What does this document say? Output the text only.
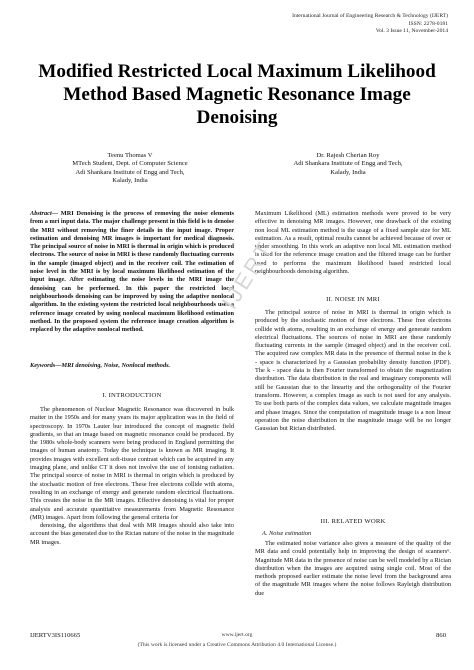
International Journal of Engineering Research & Technology (IJERT)
ISSN: 2278-0181
Vol. 3 Issue 11, November-2014
Modified Restricted Local Maximum Likelihood Method Based Magnetic Resonance Image Denoising
Teenu Thomas V
MTech Student, Dept. of Computer Science
Adi Shankara Institute of Engg and Tech,
Kalady, India
Dr. Rajesh Cherian Roy
Adi Shankara Institute of Engg and Tech,
Kalady, India
Abstract— MRI Denoising is the process of removing the noise elements from a mri input data. The major challenge present in this field is to denoise the MRI without removing the finer details in the input image. Proper estimation and denoising MR images is important for medical diagnosis. The principal source of noise in MRI is thermal in origin which is produced electrons. The source of noise in MRI is these randomly fluctuating currents in the sample (imaged object) and in the receiver coil. The estimation of noise level in the MRI is by local maximum likelihood estimation of the input image. After estimating the noise levels in the MRI image the denoising can be performed. In this paper the restricted local neighbourhoods denoising can be improved by using the adaptive nonlocal algorithm. In the existing system the restricted local neighbourhoods uses a reference image created by using nonlocal maximum likelihood estimation method. In the proposed system the reference image creation algorithm is replaced by the adaptive nonlocal method.
Keywords—MRI denoising, Noise, Nonlocal methods.
I. INTRODUCTION

The phenomenon of Nuclear Magnetic Resonance was discovered in bulk matter in the 1950s and for many years its major application was in the field of spectroscopy. In 1970s Lauter bur introduced the concept of magnetic field gradients, so that an image based on magnetic resonance could be produced. By the 1980s whole-body scanners were being produced in England permitting the images of human anatomy. Today the technique is known as MR imaging. It provides images with excellent soft-tissue contrast which can be acquired in any imaging plane, and unlike CT it does not involve the use of ionising radiation. The principal source of noise in MRI is thermal in origin which is produced by the stochastic motion of free electrons. These free electrons collide with atoms, resulting in an exchange of energy and generate random electrical fluctuations. This creates the noise in the MR images. Effective denoising is vital for proper analysis and accurate quantitative measurements from Magnetic Resonance (MR) images. Apart from following the general criteria for

denoising, the algorithms that deal with MR images should also take into account the bias generated due to the Rician nature of the noise in the magnitude MR images.

Maximum Likelihood (ML) estimation methods were proved to be very effective in denoising MR images. However, one drawback of the existing non local ML estimation method is the usage of a fixed sample size for ML estimation. As a result, optimal results cannot be achieved because of over or under smoothing. In this work an adaptive non local ML estimation method is used for the reference image creation and the filtered image can be further used to performs the maximum likelihood based restricted local neighbourhoods denoising algorithm.
II. NOISE IN MRI

The principal source of noise in MRI is thermal in origin which is produced by the stochastic motion of free electrons. These free electrons collide with atoms, resulting in an exchange of energy and generate random electrical fluctuations. The sources of noise in MRI are these randomly fluctuating currents in the sample (imaged object) and in the receiver coil. The acquired raw complex MR data in the presence of thermal noise in the k - space is characterized by a Gaussian probability density function (PDF). The k - space data is then Fourier transformed to obtain the magnetization distribution. The data distribution in the real and imaginary components will still be Gaussian due to the linearity and the orthogonality of the Fourier transform. However, a complex image as such is not used for any analysis. To use both parts of the complex data values, we calculate magnitude images and phase images. Since the computation of magnitude image is a non linear operation the noise distribution in the magnitude image will be no longer Gaussian but Rician distributed.

III. RELATED WORK
A. Noise estimation

The estimated noise variance also gives a measure of the quality of the MR data and could potentially help in improving the design of scanners⁶. Magnitude MR data in the presence of noise can be well modeled by a Rician distribution when the images are acquired using single coil. Most of the methods proposed earlier estimate the noise level from the background area of the magnitude MR images where the noise follows Rayleigh distribution due

IJERT
IJERTV3IS110665	www.ijert.org	860
(This work is licensed under a Creative Commons Attribution 4.0 International License.)
